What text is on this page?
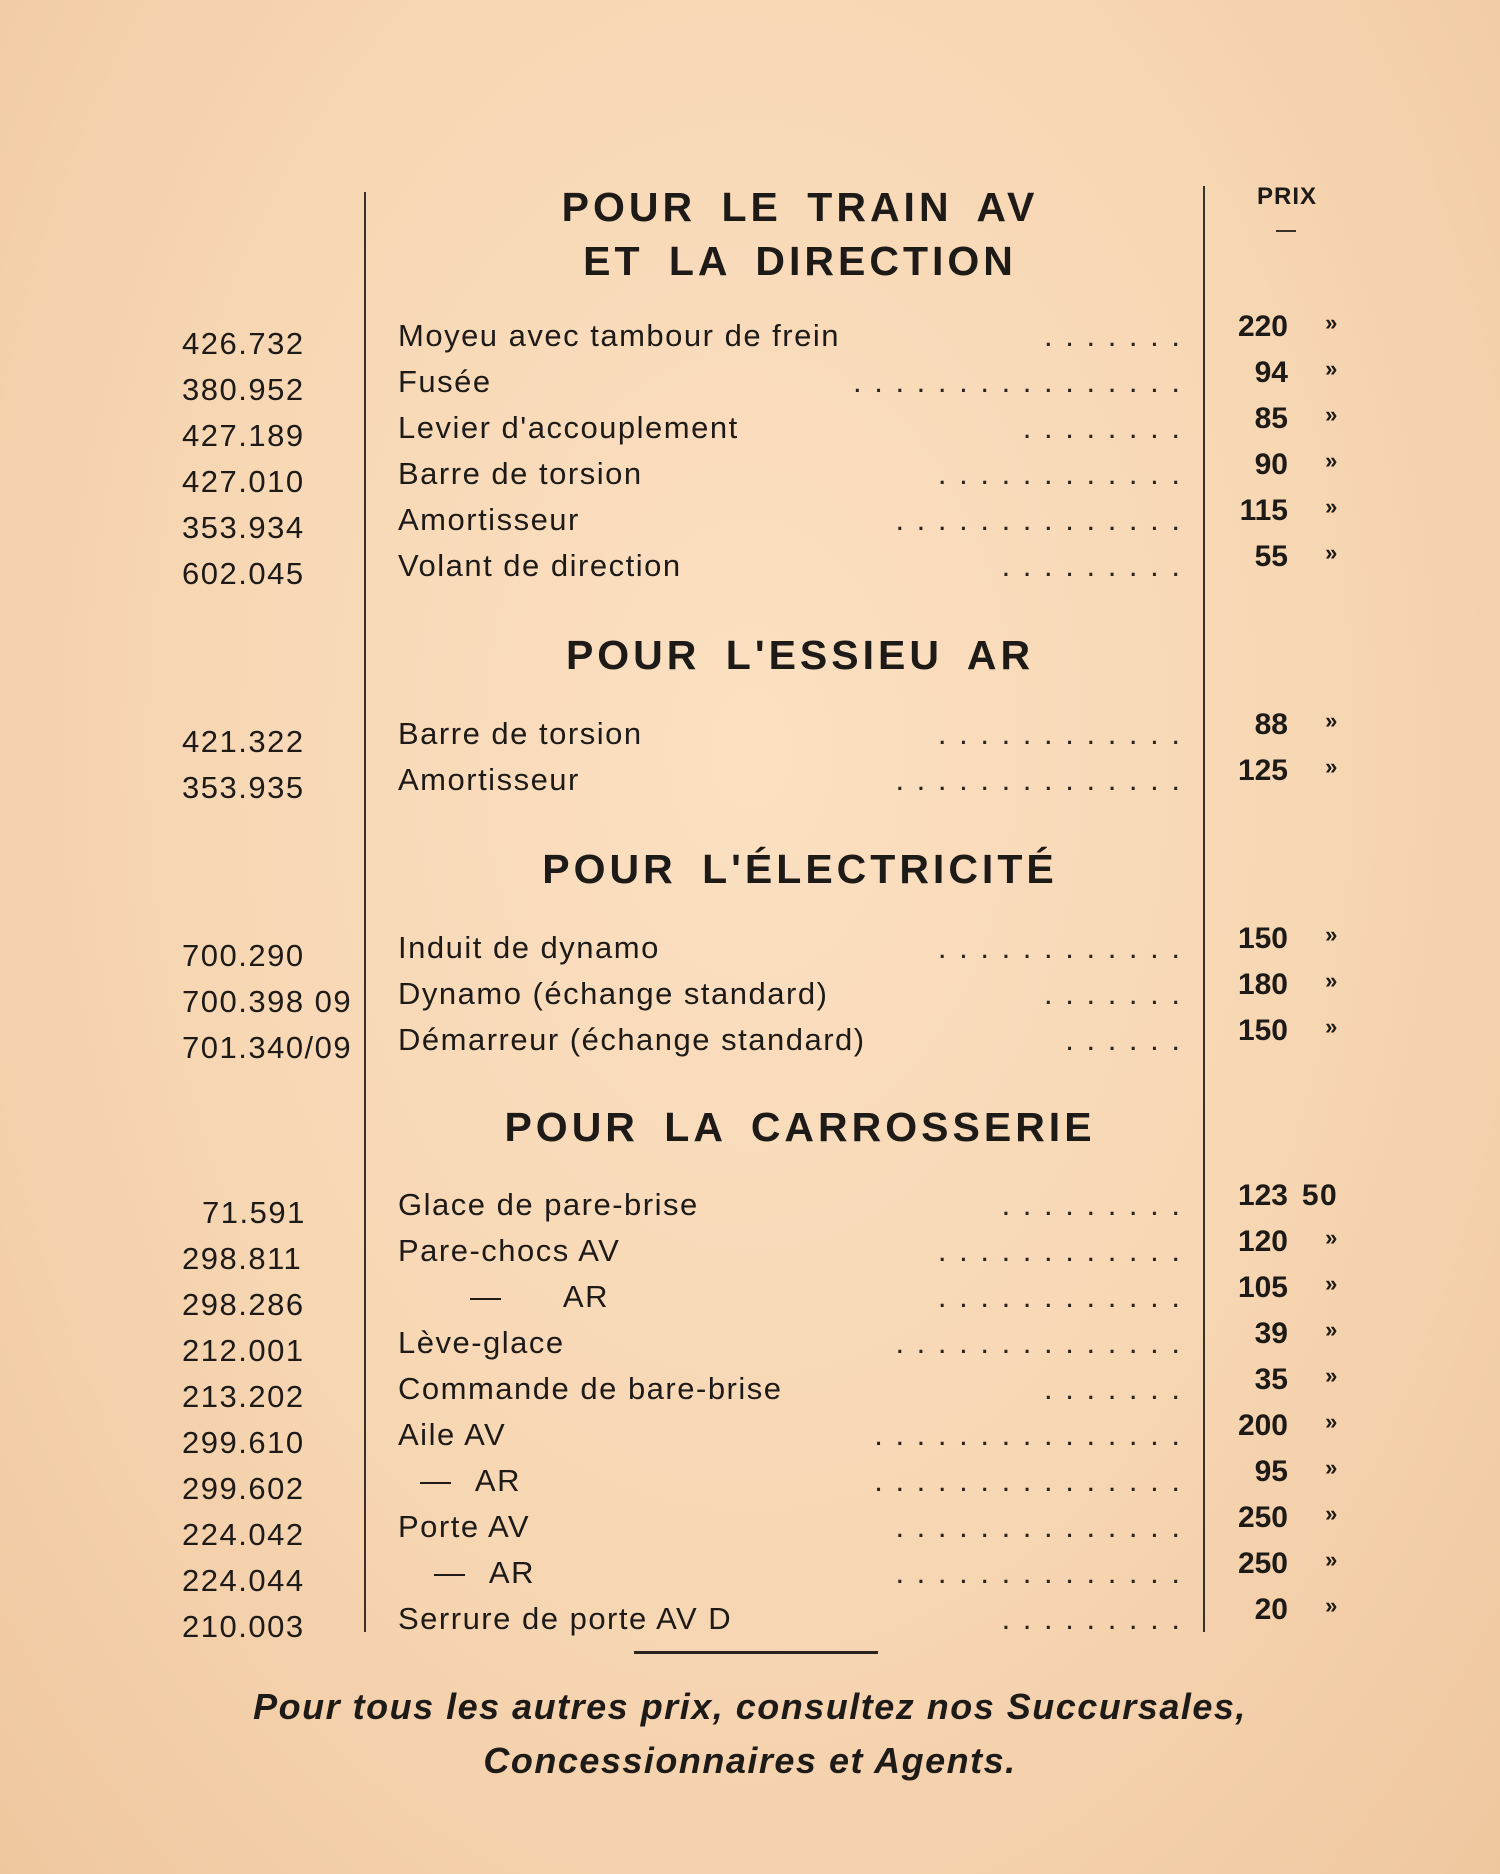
PRIX
POUR LE TRAIN AV
ET LA DIRECTION
426.732	Moyeu avec tambour de frein	. . . . . . .	220	»
380.952	Fusée	. . . . . . . . . . . . . . . .	94	»
427.189	Levier d'accouplement	. . . . . . . .	85	»
427.010	Barre de torsion	. . . . . . . . . . . .	90	»
353.934	Amortisseur	. . . . . . . . . . . . . .	115	»
602.045	Volant de direction	. . . . . . . . .	55	»
POUR L'ESSIEU AR
421.322	Barre de torsion	. . . . . . . . . . . .	88	»
353.935	Amortisseur	. . . . . . . . . . . . . .	125	»
POUR L'ÉLECTRICITÉ
700.290	Induit de dynamo	. . . . . . . . . . . .	150	»
700.398 09	Dynamo (échange standard)	. . . . . . .	180	»
701.340/09	Démarreur (échange standard)	. . . . . .	150	»
POUR LA CARROSSERIE
71.591	Glace de pare-brise	. . . . . . . . .	123 50
298.811	Pare-chocs AV	. . . . . . . . . . . .	120	»
298.286	— AR	. . . . . . . . . . . .	105	»
212.001	Lève-glace	. . . . . . . . . . . . . .	39	»
213.202	Commande de bare-brise	. . . . . . .	35	»
299.610	Aile AV	. . . . . . . . . . . . . . .	200	»
299.602	— AR	. . . . . . . . . . . . . . .	95	»
224.042	Porte AV	. . . . . . . . . . . . . .	250	»
224.044	— AR	. . . . . . . . . . . . . .	250	»
210.003	Serrure de porte AV D	. . . . . . . . .	20	»
Pour tous les autres prix, consultez nos Succursales,
Concessionnaires et Agents.
